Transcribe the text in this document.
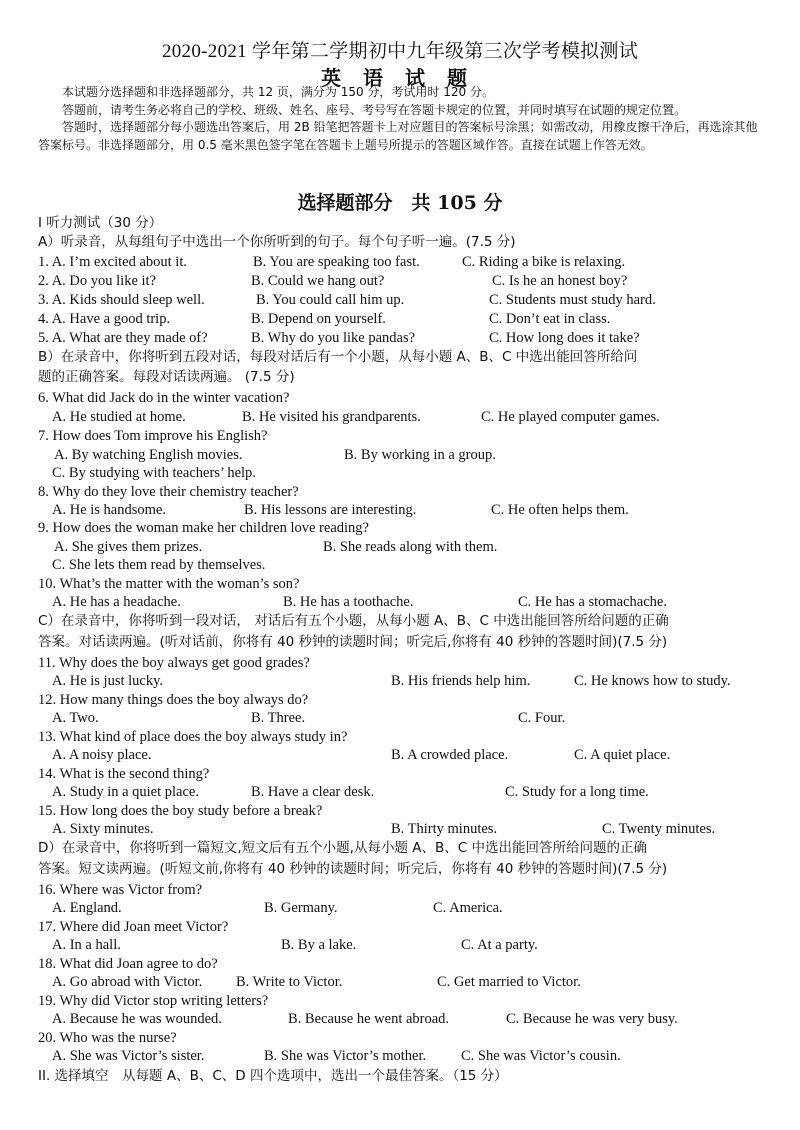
2020-2021 学年第二学期初中九年级第三次学考模拟测试
英语试题

本试题分选择题和非选择题部分，共 12 页，满分为 150 分，考试用时 120 分。

答题前，请考生务必将自己的学校、班级、姓名、座号、考号写在答题卡规定的位置，并同时填写在试题的规定位置。

答题时，选择题部分每小题选出答案后，用 2B 铅笔把答题卡上对应题目的答案标号涂黑；如需改动，用橡皮擦干净后，再选涂其他答案标号。非选择题部分，用 0.5 毫米黑色签字笔在答题卡上题号所提示的答题区域作答。直接在试题上作答无效。

选择题部分　共 105 分
I 听力测试（30 分）
A）听录音，从每组句子中选出一个你所听到的句子。每个句子听一遍。(7.5 分)
1. A. I’m excited about it.	B. You are speaking too fast.	C. Riding a bike is relaxing.
2. A. Do you like it?	B. Could we hang out?	C. Is he an honest boy?
3. A. Kids should sleep well.	B. You could call him up.	C. Students must study hard.
4. A. Have a good trip.	B. Depend on yourself.	C. Don’t eat in class.
5. A. What are they made of?	B. Why do you like pandas?	C. How long does it take?
B）在录音中，你将听到五段对话，每段对话后有一个小题，从每小题 A、B、C 中选出能回答所给问
题的正确答案。每段对话读两遍。 (7.5 分)
6. What did Jack do in the winter vacation?
A. He studied at home.	B. He visited his grandparents.	C. He played computer games.
7. How does Tom improve his English?
A. By watching English movies.	B. By working in a group.
C. By studying with teachers’ help.
8. Why do they love their chemistry teacher?
A. He is handsome.	B. His lessons are interesting.	C. He often helps them.
9. How does the woman make her children love reading?
A. She gives them prizes.	B. She reads along with them.
C. She lets them read by themselves.
10. What’s the matter with the woman’s son?
A. He has a headache.	B. He has a toothache.	C. He has a stomachache.
C）在录音中，你将听到一段对话， 对话后有五个小题，从每小题 A、B、C 中选出能回答所给问题的正确
答案。对话读两遍。(听对话前，你将有 40 秒钟的读题时间；听完后,你将有 40 秒钟的答题时间)(7.5 分)
11. Why does the boy always get good grades?
A. He is just lucky.	B. His friends help him.	C. He knows how to study.
12. How many things does the boy always do?
A. Two.	B. Three.	C. Four.
13. What kind of place does the boy always study in?
A. A noisy place.	B. A crowded place.	C. A quiet place.
14. What is the second thing?
A. Study in a quiet place.	B. Have a clear desk.	C. Study for a long time.
15. How long does the boy study before a break?
A. Sixty minutes.	B. Thirty minutes.	C. Twenty minutes.
D）在录音中，你将听到一篇短文,短文后有五个小题,从每小题 A、B、C 中选出能回答所给问题的正确
答案。短文读两遍。(听短文前,你将有 40 秒钟的读题时间；听完后，你将有 40 秒钟的答题时间)(7.5 分)
16. Where was Victor from?
A. England.	B. Germany.	C. America.
17. Where did Joan meet Victor?
A. In a hall.	B. By a lake.	C. At a party.
18. What did Joan agree to do?
A. Go abroad with Victor. B. Write to Victor.	C. Get married to Victor.
19. Why did Victor stop writing letters?
A. Because he was wounded.	B. Because he went abroad.	C. Because he was very busy.
20. Who was the nurse?
A. She was Victor’s sister.	B. She was Victor’s mother. C. She was Victor’s cousin.
II. 选择填空　从每题 A、B、C、D 四个选项中，选出一个最佳答案。（15 分）
